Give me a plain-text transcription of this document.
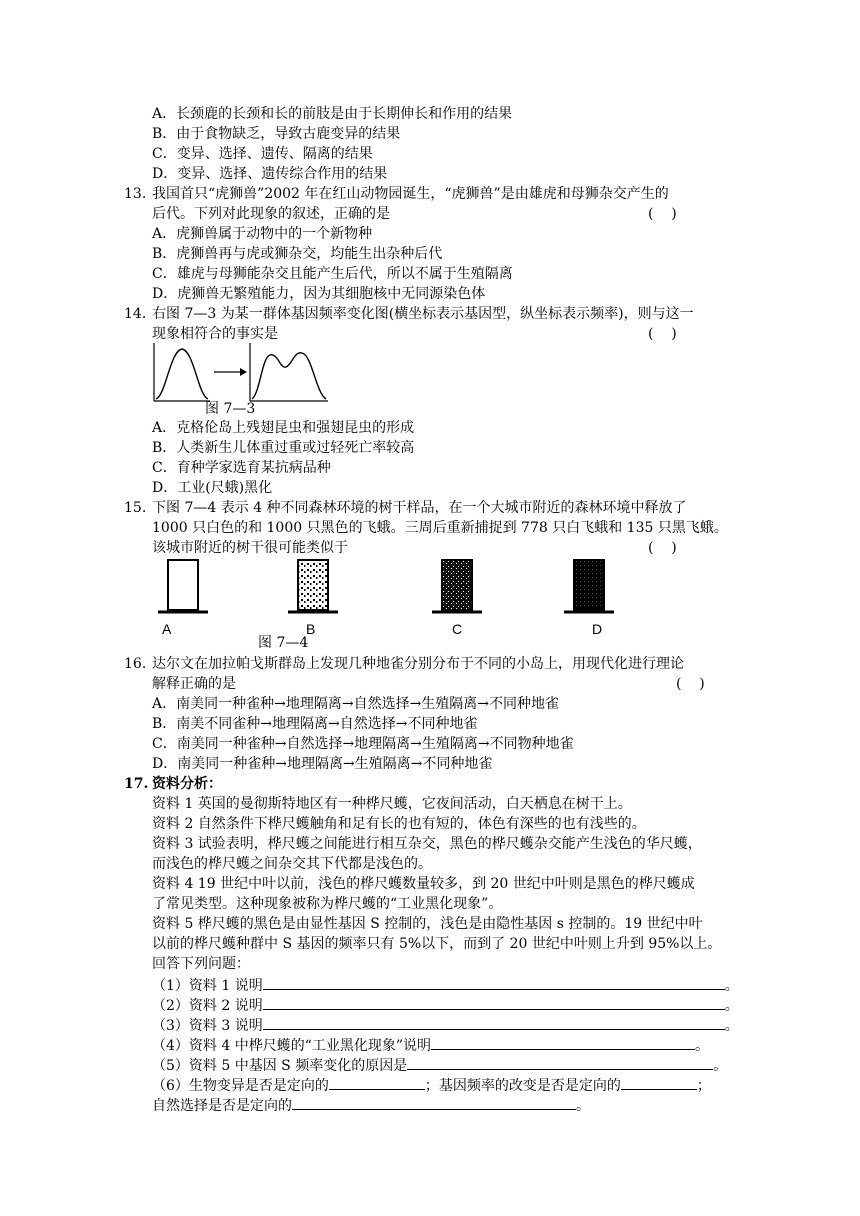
A．长颈鹿的长颈和长的前肢是由于长期伸长和作用的结果
B．由于食物缺乏，导致古鹿变异的结果
C．变异、选择、遗传、隔离的结果
D．变异、选择、遗传综合作用的结果
13. 我国首只“虎狮兽”2002 年在红山动物园诞生，“虎狮兽”是由雄虎和母狮杂交产生的
后代。下列对此现象的叙述，正确的是	(    )
A．虎狮兽属于动物中的一个新物种
B．虎狮兽再与虎或狮杂交，均能生出杂种后代
C．雄虎与母狮能杂交且能产生后代，所以不属于生殖隔离
D．虎狮兽无繁殖能力，因为其细胞核中无同源染色体
14. 右图 7—3 为某一群体基因频率变化图(横坐标表示基因型，纵坐标表示频率)，则与这一
现象相符合的事实是	(    )
图 7—3
A．克格伦岛上残翅昆虫和强翅昆虫的形成
B．人类新生儿体重过重或过轻死亡率较高
C．育种学家选育某抗病品种
D．工业(尺蛾)黑化
15. 下图 7—4 表示 4 种不同森林环境的树干样品，在一个大城市附近的森林环境中释放了
1000 只白色的和 1000 只黑色的飞蛾。三周后重新捕捉到 778 只白飞蛾和 135 只黑飞蛾。
该城市附近的树干很可能类似于	(    )
A	B	C	D
图 7—4
16. 达尔文在加拉帕戈斯群岛上发现几种地雀分别分布于不同的小岛上，用现代化进行理论
解释正确的是	(    )
A．南美同一种雀种→地理隔离→自然选择→生殖隔离→不同种地雀
B．南美不同雀种→地理隔离→自然选择→不同种地雀
C．南美同一种雀种→自然选择→地理隔离→生殖隔离→不同物种地雀
D．南美同一种雀种→地理隔离→生殖隔离→不同种地雀
17. 资料分析：
资料 1 英国的曼彻斯特地区有一种桦尺蠖，它夜间活动，白天栖息在树干上。
资料 2 自然条件下桦尺蠖触角和足有长的也有短的，体色有深些的也有浅些的。
资料 3 试验表明，桦尺蠖之间能进行相互杂交，黑色的桦尺蠖杂交能产生浅色的华尺蠖，
而浅色的桦尺蠖之间杂交其下代都是浅色的。
资料 4 19 世纪中叶以前，浅色的桦尺蠖数量较多，到 20 世纪中叶则是黑色的桦尺蠖成
了常见类型。这种现象被称为桦尺蠖的“工业黑化现象”。
资料 5 桦尺蠖的黑色是由显性基因 S 控制的，浅色是由隐性基因 s 控制的。19 世纪中叶
以前的桦尺蠖种群中 S 基因的频率只有 5%以下，而到了 20 世纪中叶则上升到 95%以上。
回答下列问题：
（1）资料 1 说明	。
（2）资料 2 说明	。
（3）资料 3 说明	。
（4）资料 4 中桦尺蠖的“工业黑化现象”说明	。
（5）资料 5 中基因 S 频率变化的原因是	。
（6）生物变异是否是定向的	；基因频率的改变是否是定向的	；
自然选择是否是定向的	。
